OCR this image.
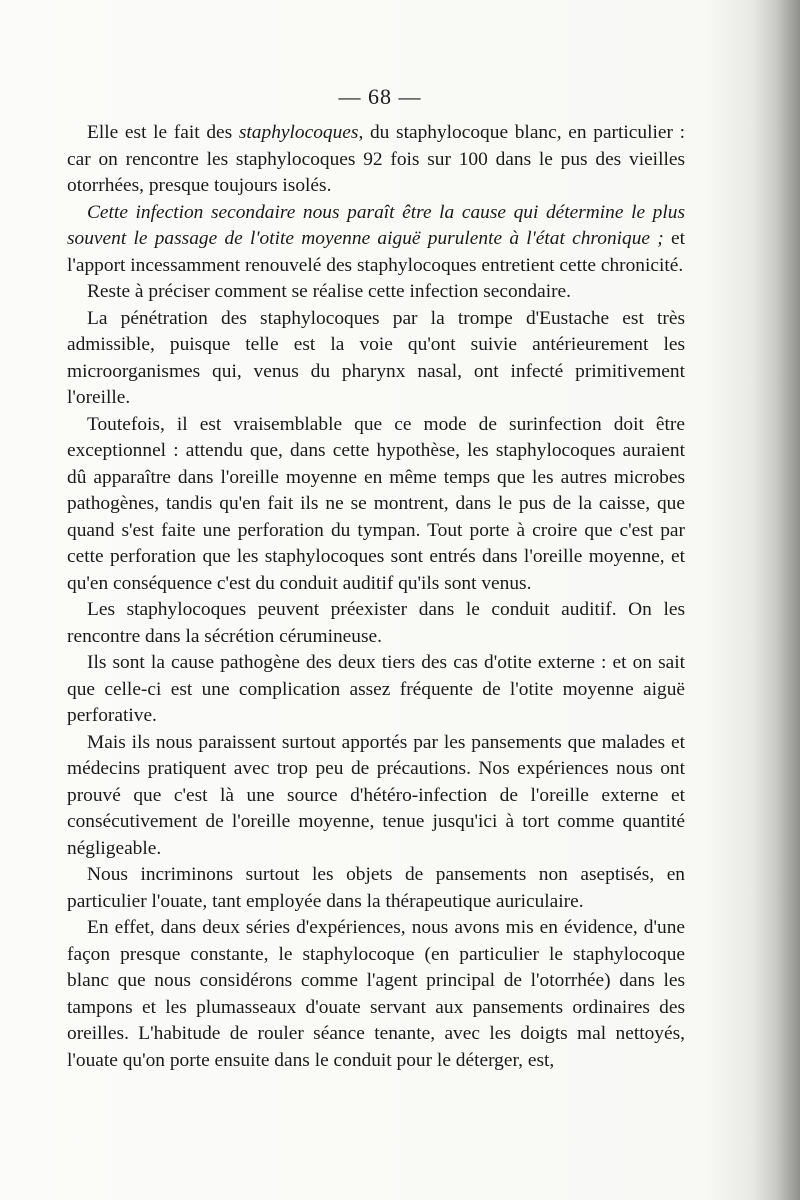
— 68 —

Elle est le fait des staphylocoques, du staphylocoque blanc, en particulier : car on rencontre les staphylocoques 92 fois sur 100 dans le pus des vieilles otorrhées, presque toujours isolés.

Cette infection secondaire nous paraît être la cause qui détermine le plus souvent le passage de l'otite moyenne aiguë purulente à l'état chronique ; et l'apport incessamment renouvelé des staphylocoques entretient cette chronicité.

Reste à préciser comment se réalise cette infection secondaire.

La pénétration des staphylocoques par la trompe d'Eustache est très admissible, puisque telle est la voie qu'ont suivie antérieurement les microorganismes qui, venus du pharynx nasal, ont infecté primitivement l'oreille.

Toutefois, il est vraisemblable que ce mode de surinfection doit être exceptionnel : attendu que, dans cette hypothèse, les staphylocoques auraient dû apparaître dans l'oreille moyenne en même temps que les autres microbes pathogènes, tandis qu'en fait ils ne se montrent, dans le pus de la caisse, que quand s'est faite une perforation du tympan. Tout porte à croire que c'est par cette perforation que les staphylocoques sont entrés dans l'oreille moyenne, et qu'en conséquence c'est du conduit auditif qu'ils sont venus.

Les staphylocoques peuvent préexister dans le conduit auditif. On les rencontre dans la sécrétion cérumineuse.

Ils sont la cause pathogène des deux tiers des cas d'otite externe : et on sait que celle-ci est une complication assez fréquente de l'otite moyenne aiguë perforative.

Mais ils nous paraissent surtout apportés par les pansements que malades et médecins pratiquent avec trop peu de précautions. Nos expériences nous ont prouvé que c'est là une source d'hétéro-infection de l'oreille externe et consécutivement de l'oreille moyenne, tenue jusqu'ici à tort comme quantité négligeable.

Nous incriminons surtout les objets de pansements non aseptisés, en particulier l'ouate, tant employée dans la thérapeutique auriculaire.

En effet, dans deux séries d'expériences, nous avons mis en évidence, d'une façon presque constante, le staphylocoque (en particulier le staphylocoque blanc que nous considérons comme l'agent principal de l'otorrhée) dans les tampons et les plumasseaux d'ouate servant aux pansements ordinaires des oreilles. L'habitude de rouler séance tenante, avec les doigts mal nettoyés, l'ouate qu'on porte ensuite dans le conduit pour le déterger, est,
